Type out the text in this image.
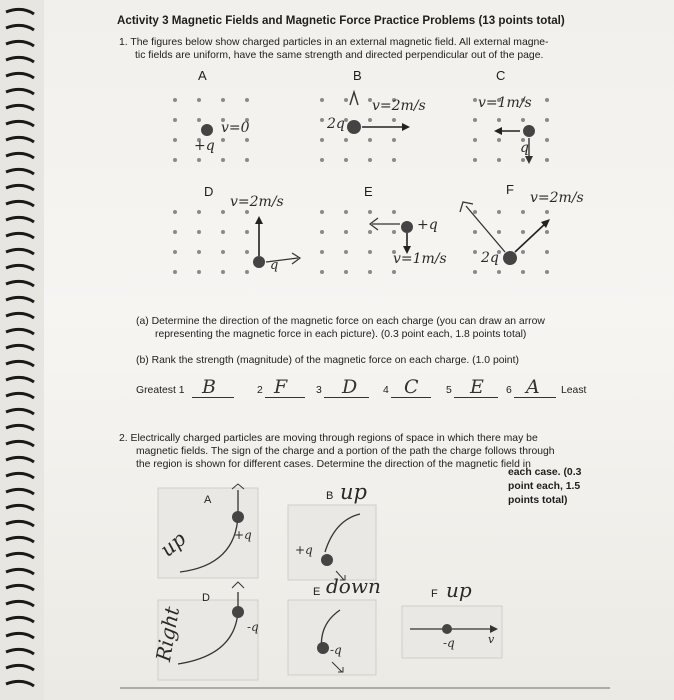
Activity 3 Magnetic Fields and Magnetic Force Practice Problems (13 points total)
1. The figures below show charged particles in an external magnetic field. All external magne-
tic fields are uniform, have the same strength and directed perpendicular out of the page.
A	B	C
D	E	F
v=0
+q
v=2m/s
2q
v=1m/s
q
v=2m/s
q
+q
v=1m/s
v=2m/s
2q
(a) Determine the direction of the magnetic force on each charge (you can draw an arrow
representing the magnetic force in each picture). (0.3 point each, 1.8 points total)
(b) Rank the strength (magnitude) of the magnetic force on each charge. (1.0 point)
Greatest 1 B	2 F	3 D 4 C	5 E 6 A Least
2. Electrically charged particles are moving through regions of space in which there may be
magnetic fields. The sign of the charge and a portion of the path the charge follows through
the region is shown for different cases. Determine the direction of the magnetic field in
each case. (0.3
point each, 1.5
points total)
A	B
D	E	F
+q
+q
-q
-q	-q	v
up
up
Right
down	up
